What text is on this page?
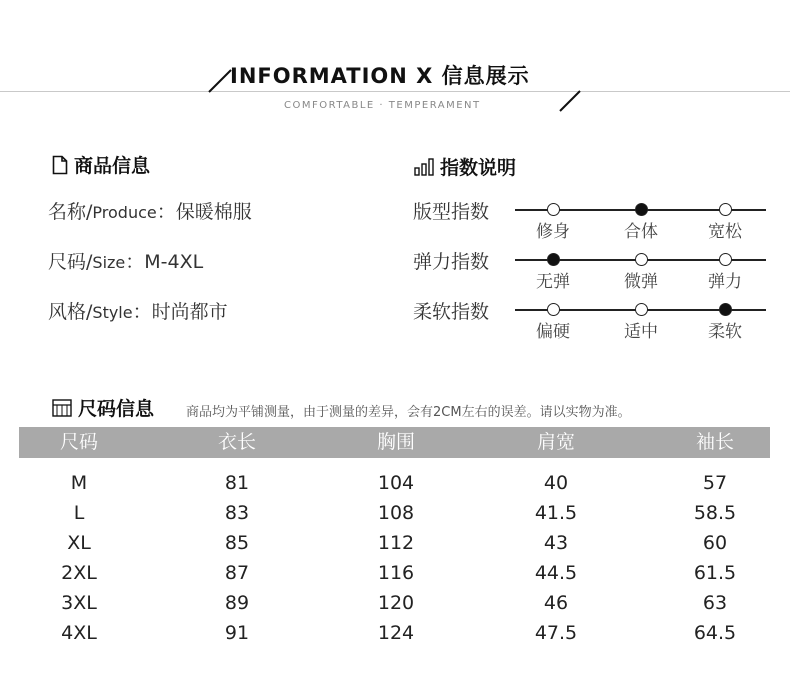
INFORMATION X 信息展示
COMFORTABLE · TEMPERAMENT
商品信息
名称/Produce：保暖棉服
尺码/Size：M-4XL
风格/Style：时尚都市
指数说明
版型指数
修身	合体	宽松
弹力指数
无弹	微弹	弹力
柔软指数
偏硬	适中	柔软
尺码信息 商品均为平铺测量，由于测量的差异，会有2CM左右的误差。请以实物为准。
尺码	衣长	胸围	肩宽	袖长
M	81	104	40	57
L	83	108	41.5	58.5
XL	85	112	43	60
2XL	87	116	44.5	61.5
3XL	89	120	46	63
4XL	91	124	47.5	64.5
